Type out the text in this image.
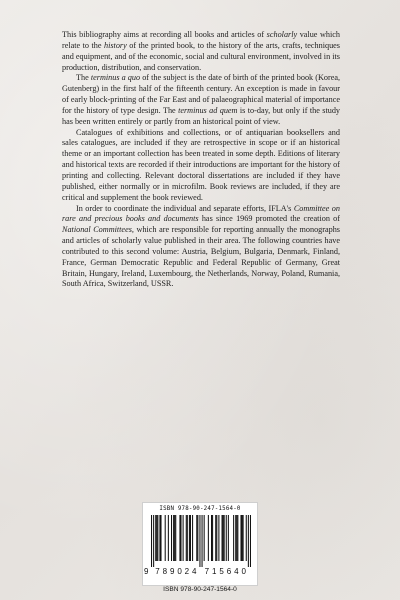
This bibliography aims at recording all books and articles of scholarly value which relate to the history of the printed book, to the history of the arts, crafts, techniques and equipment, and of the economic, social and cultural environment, involved in its production, distribution, and conservation.

The terminus a quo of the subject is the date of birth of the printed book (Korea, Gutenberg) in the first half of the fifteenth century. An exception is made in favour of early block-printing of the Far East and of palaeographical material of importance for the history of type design. The terminus ad quem is to-day, but only if the study has been written entirely or partly from an historical point of view.

Catalogues of exhibitions and collections, or of antiquarian booksellers and sales catalogues, are included if they are retrospective in scope or if an historical theme or an important collection has been treated in some depth. Editions of literary and historical texts are recorded if their introductions are important for the history of printing and collecting. Relevant doctoral dissertations are included if they have published, either normally or in microfilm. Book reviews are included, if they are critical and supplement the book reviewed.

In order to coordinate the individual and separate efforts, IFLA's Committee on rare and precious books and documents has since 1969 promoted the creation of National Committees, which are responsible for reporting annually the monographs and articles of scholarly value published in their area. The following countries have contributed to this second volume: Austria, Belgium, Bulgaria, Denmark, Finland, France, German Democratic Republic and Federal Republic of Germany, Great Britain, Hungary, Ireland, Luxembourg, the Netherlands, Norway, Poland, Rumania, South Africa, Switzerland, USSR.

ISBN 978-90-247-1564-0
9 7 8 9 0 2 4 7 1 5 6 4 0
ISBN 978-90-247-1564-0
